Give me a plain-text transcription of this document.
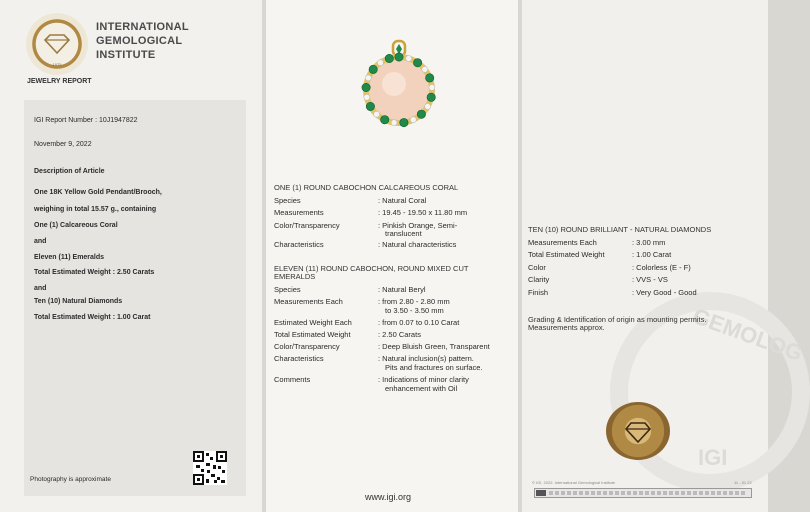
1975
INTERNATIONAL
GEMOLOGICAL
INSTITUTE
JEWELRY REPORT
IGI Report Number : 10J1947822
November 9, 2022
Description of Article
One 18K Yellow Gold Pendant/Brooch,
weighing in total 15.57 g., containing
One (1) Calcareous Coral
and
Eleven (11) Emeralds
Total Estimated Weight : 2.50 Carats
and
Ten (10) Natural Diamonds
Total Estimated Weight : 1.00 Carat
Photography is approximate
ONE (1) ROUND CABOCHON CALCAREOUS CORAL
Species	: Natural Coral
Measurements	: 19.45 - 19.50 x 11.80 mm
Color/Transparency	: Pinkish Orange, Semi-
translucent
Characteristics	: Natural characteristics
ELEVEN (11) ROUND CABOCHON, ROUND MIXED CUT
EMERALDS
Species	: Natural Beryl
Measurements Each	: from 2.80 - 2.80 mm
to 3.50 - 3.50 mm
Estimated Weight Each	: from 0.07 to 0.10 Carat
Total Estimated Weight	: 2.50 Carats
Color/Transparency	: Deep Bluish Green, Transparent
Characteristics	: Natural inclusion(s) pattern.
Pits and fractures on surface.
Comments	: Indications of minor clarity
enhancement with Oil
www.igi.org
GEMOLOG
IGI
TEN (10) ROUND BRILLIANT - NATURAL DIAMONDS
Measurements Each	: 3.00 mm
Total Estimated Weight	: 1.00 Carat
Color	: Colorless (E - F)
Clarity	: VVS - VS
Finish	: Very Good - Good
Grading & Identification of origin as mounting permits.
Measurements approx.
© IGI, 2022. International Gemological Institute	11 - 01 22
